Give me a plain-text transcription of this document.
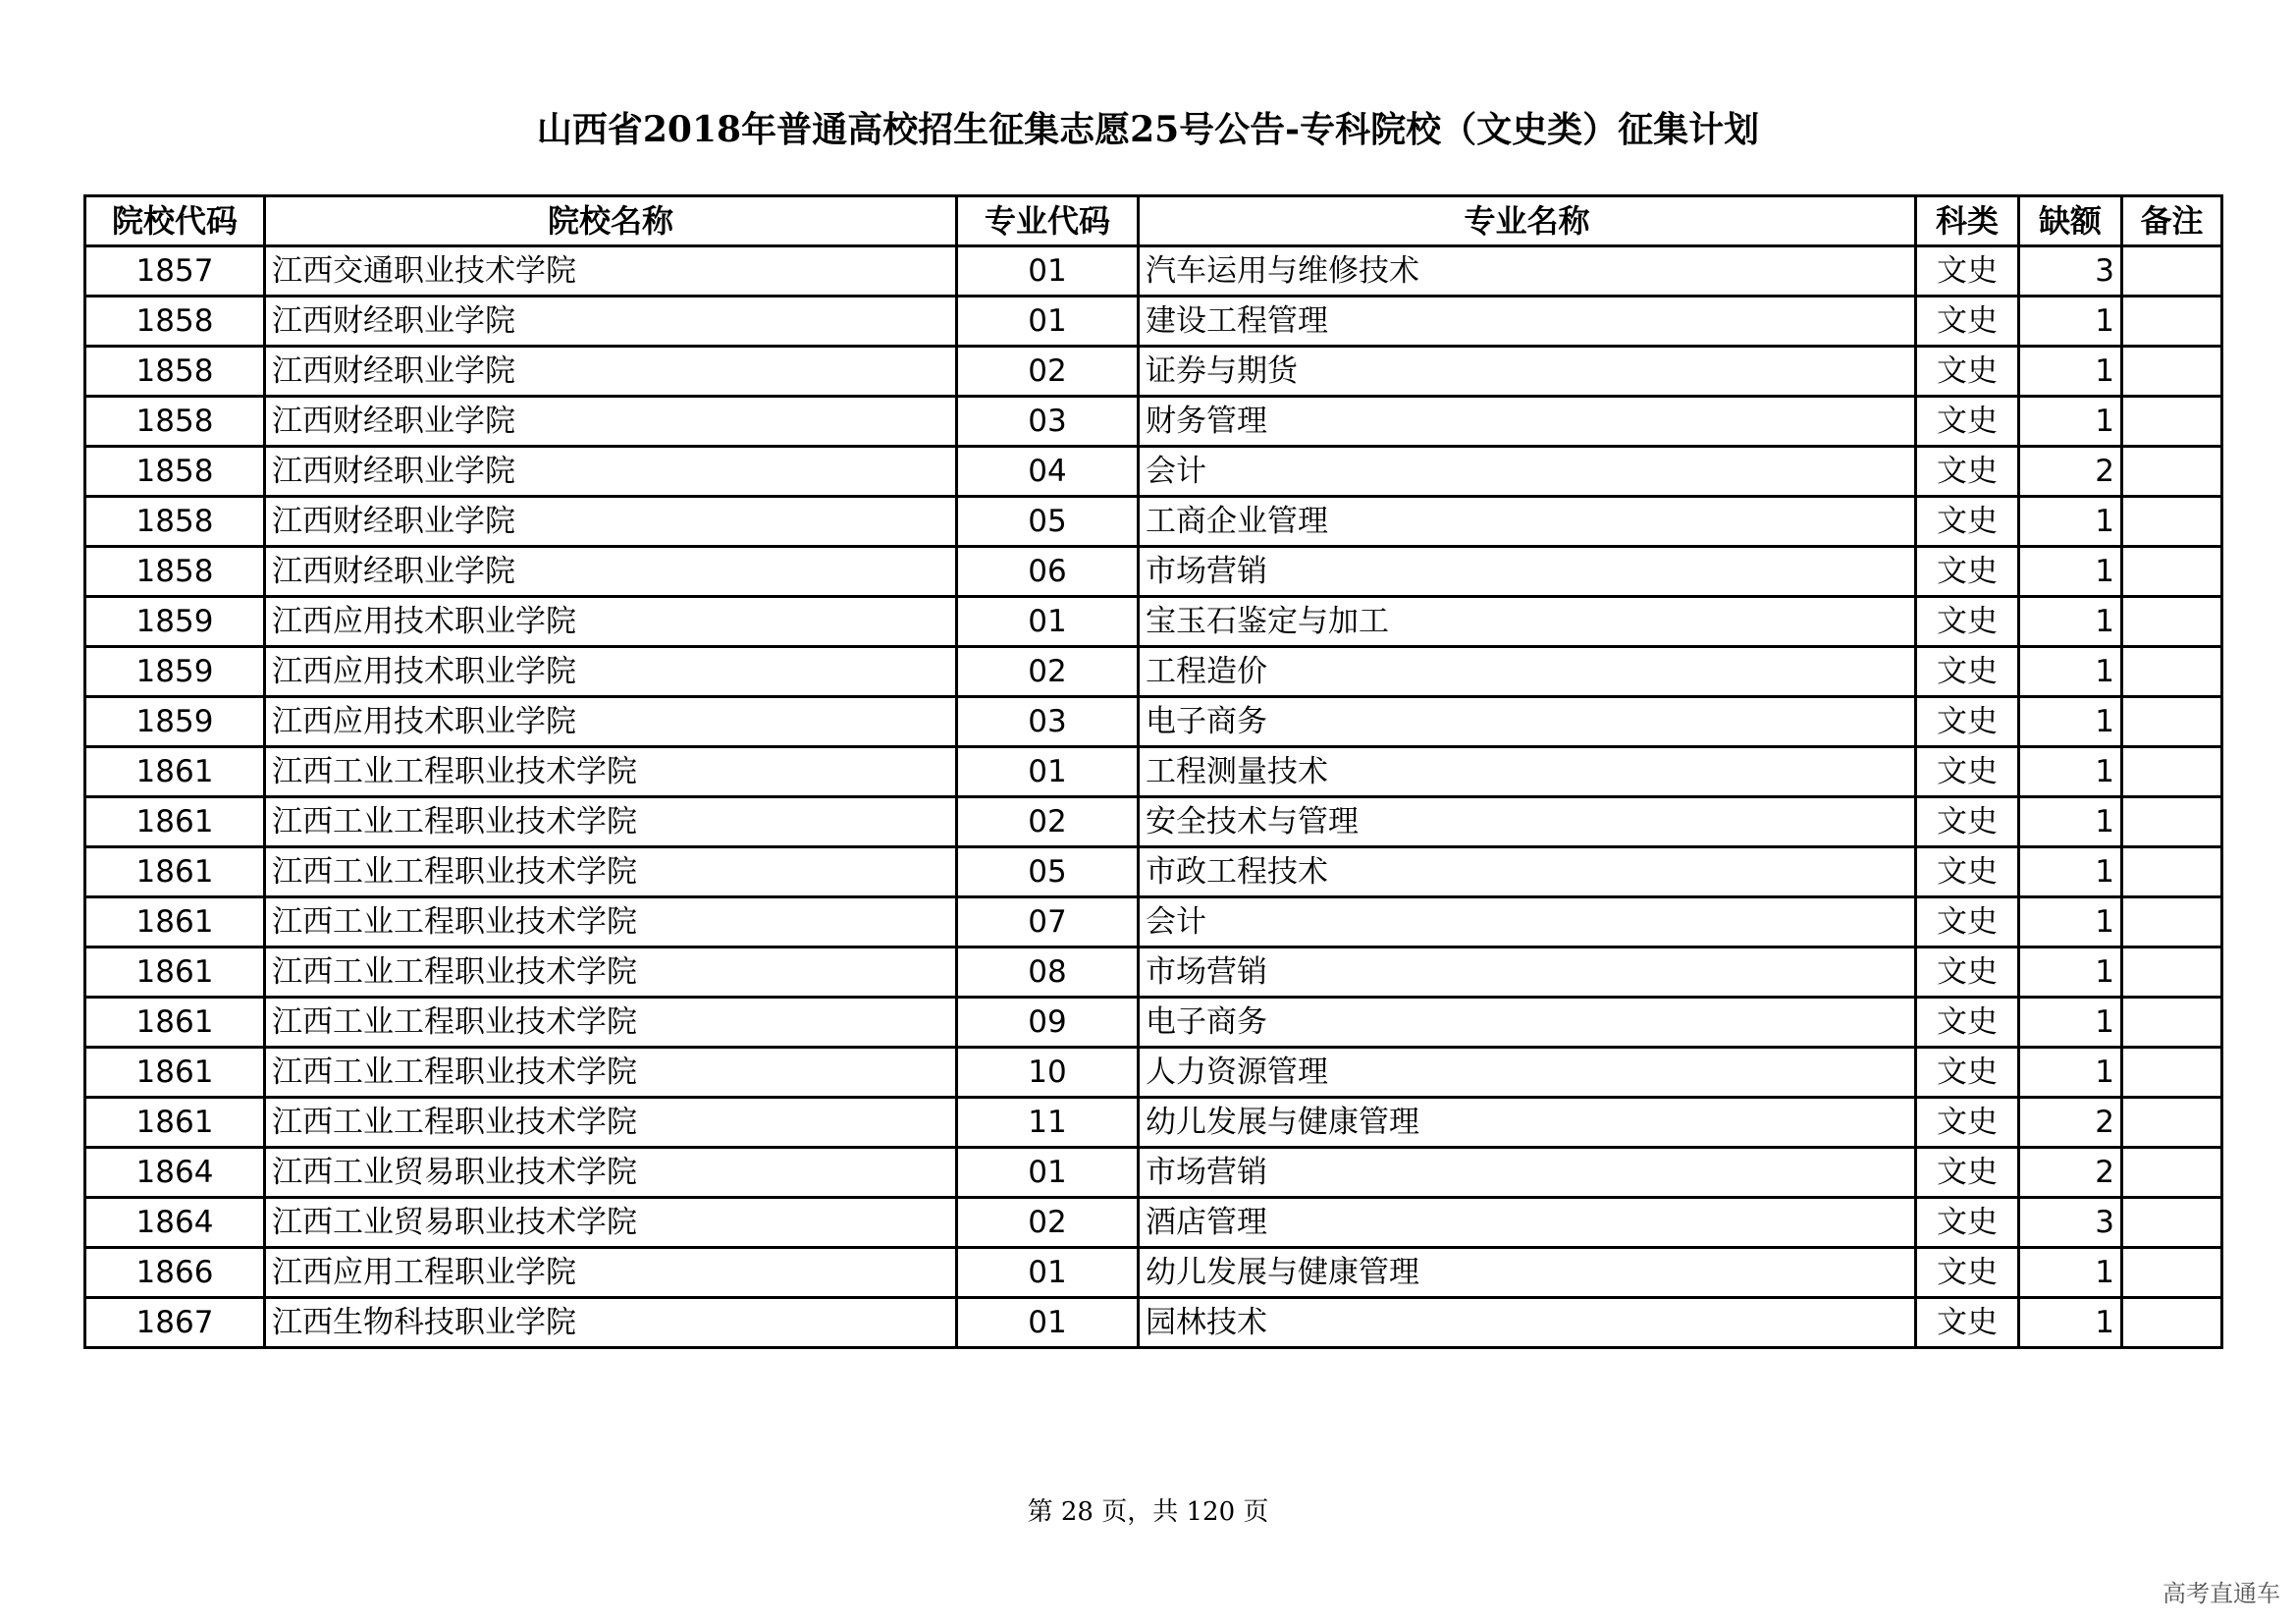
山西省2018年普通高校招生征集志愿25号公告-专科院校（文史类）征集计划
院校代码	院校名称	专业代码	专业名称	科类	缺额	备注
1857	江西交通职业技术学院	01	汽车运用与维修技术	文史	3	
1858	江西财经职业学院	01	建设工程管理	文史	1	
1858	江西财经职业学院	02	证券与期货	文史	1	
1858	江西财经职业学院	03	财务管理	文史	1	
1858	江西财经职业学院	04	会计	文史	2	
1858	江西财经职业学院	05	工商企业管理	文史	1	
1858	江西财经职业学院	06	市场营销	文史	1	
1859	江西应用技术职业学院	01	宝玉石鉴定与加工	文史	1	
1859	江西应用技术职业学院	02	工程造价	文史	1	
1859	江西应用技术职业学院	03	电子商务	文史	1	
1861	江西工业工程职业技术学院	01	工程测量技术	文史	1	
1861	江西工业工程职业技术学院	02	安全技术与管理	文史	1	
1861	江西工业工程职业技术学院	05	市政工程技术	文史	1	
1861	江西工业工程职业技术学院	07	会计	文史	1	
1861	江西工业工程职业技术学院	08	市场营销	文史	1	
1861	江西工业工程职业技术学院	09	电子商务	文史	1	
1861	江西工业工程职业技术学院	10	人力资源管理	文史	1	
1861	江西工业工程职业技术学院	11	幼儿发展与健康管理	文史	2	
1864	江西工业贸易职业技术学院	01	市场营销	文史	2	
1864	江西工业贸易职业技术学院	02	酒店管理	文史	3	
1866	江西应用工程职业学院	01	幼儿发展与健康管理	文史	1	
1867	江西生物科技职业学院	01	园林技术	文史	1	
第 28 页，共 120 页
高考直通车
